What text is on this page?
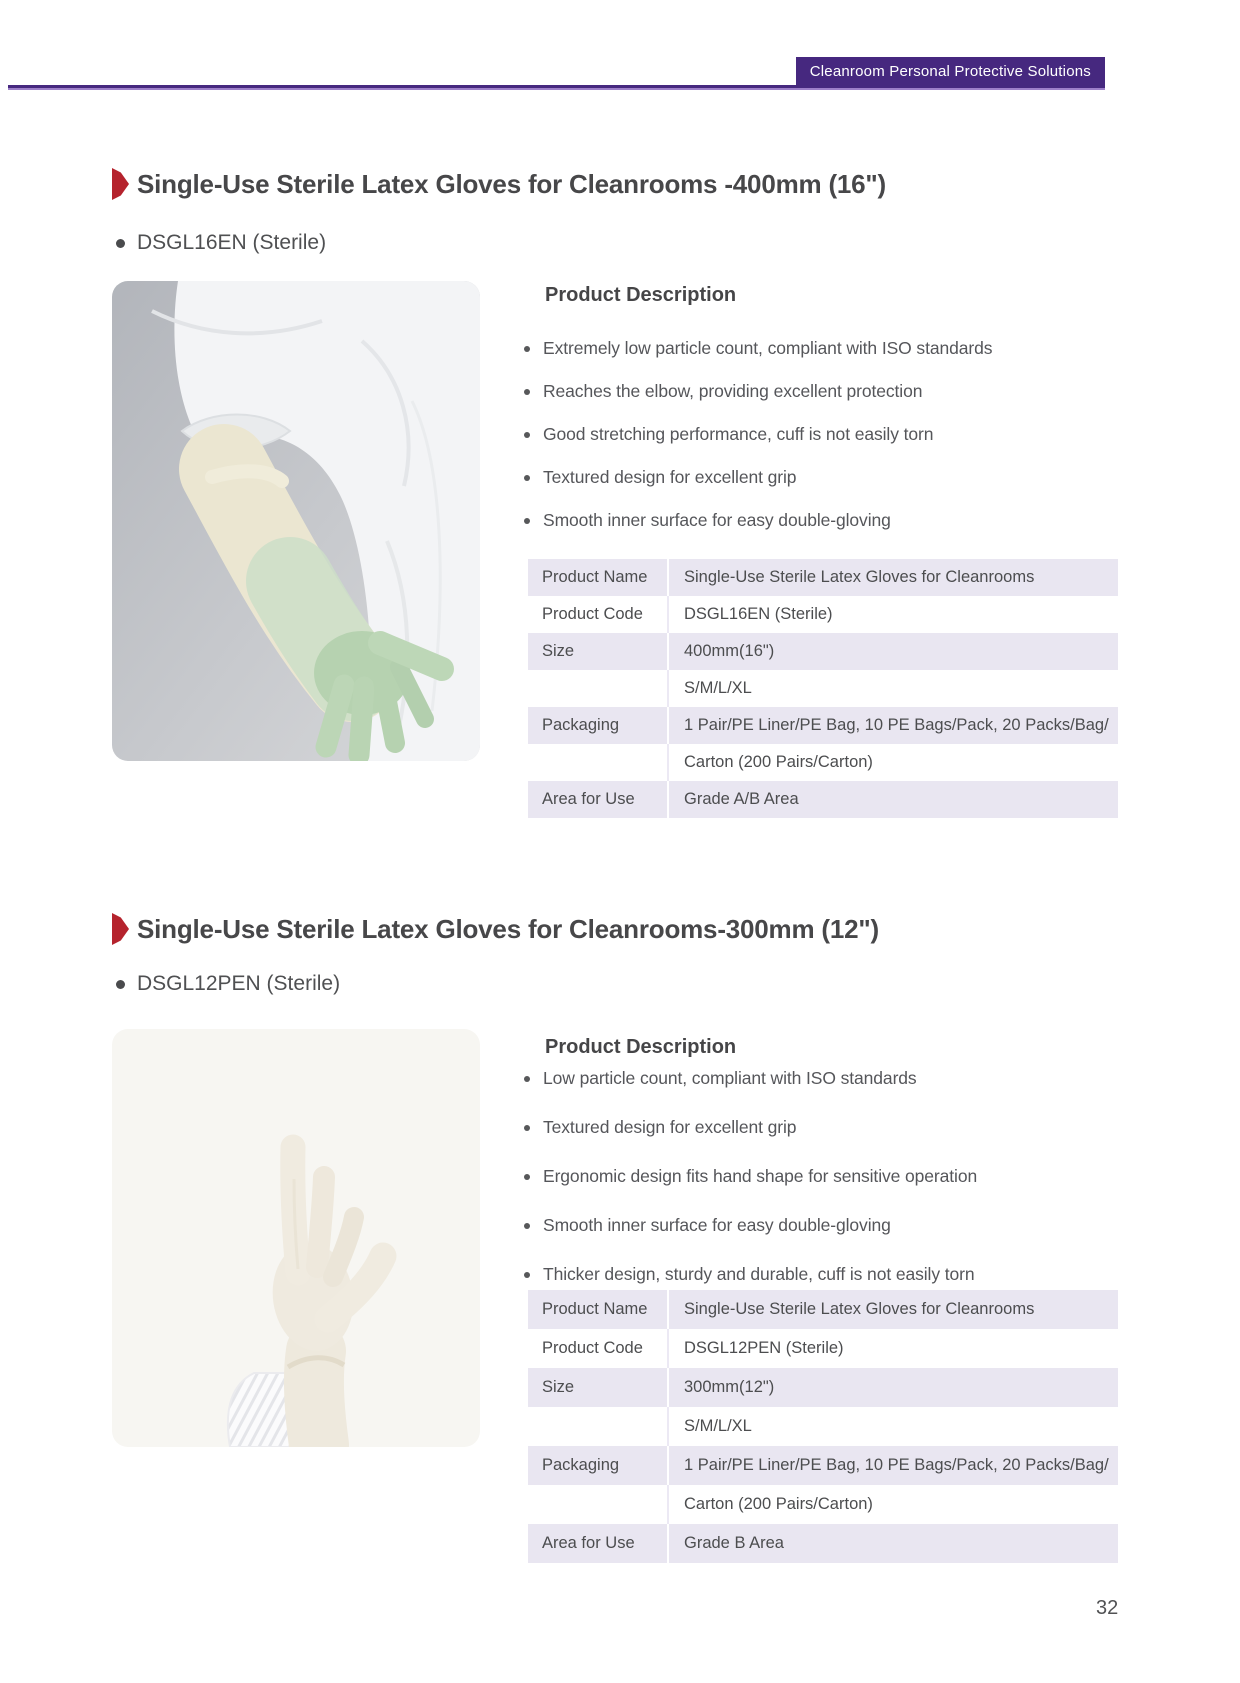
Cleanroom Personal Protective Solutions
Single-Use Sterile Latex Gloves for Cleanrooms -400mm (16")
DSGL16EN (Sterile)
Product Description
Extremely low particle count, compliant with ISO standards
Reaches the elbow, providing excellent protection
Good stretching performance, cuff is not easily torn
Textured design for excellent grip
Smooth inner surface for easy double-gloving
Product Name	Single-Use Sterile Latex Gloves for Cleanrooms
Product Code	DSGL16EN (Sterile)
Size	400mm(16")
S/M/L/XL
Packaging	1 Pair/PE Liner/PE Bag, 10 PE Bags/Pack, 20 Packs/Bag/
Carton (200 Pairs/Carton)
Area for Use	Grade A/B Area
Single-Use Sterile Latex Gloves for Cleanrooms-300mm (12")
DSGL12PEN (Sterile)
Product Description
Low particle count, compliant with ISO standards
Textured design for excellent grip
Ergonomic design fits hand shape for sensitive operation
Smooth inner surface for easy double-gloving
Thicker design, sturdy and durable, cuff is not easily torn
Product Name	Single-Use Sterile Latex Gloves for Cleanrooms
Product Code	DSGL12PEN (Sterile)
Size	300mm(12")
S/M/L/XL
Packaging	1 Pair/PE Liner/PE Bag, 10 PE Bags/Pack, 20 Packs/Bag/
Carton (200 Pairs/Carton)
Area for Use	Grade B Area
32
